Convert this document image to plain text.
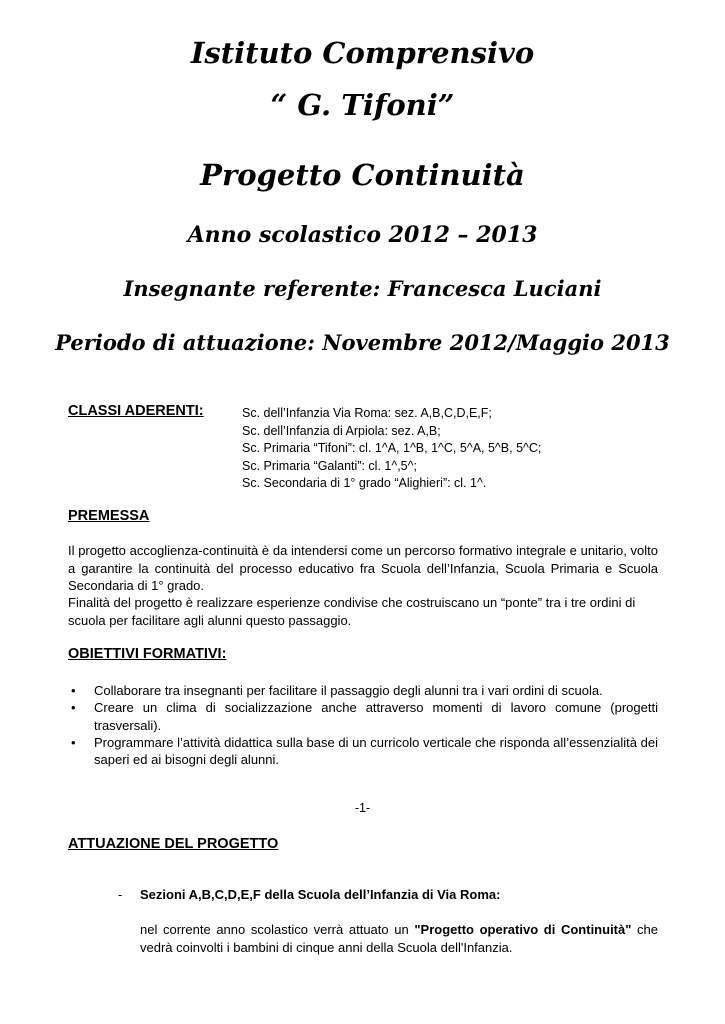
Istituto Comprensivo
“ G. Tifoni”
Progetto Continuità
Anno scolastico 2012 – 2013
Insegnante referente: Francesca Luciani
Periodo di attuazione: Novembre 2012/Maggio 2013
CLASSI ADERENTI:	Sc. dell’Infanzia Via Roma: sez. A,B,C,D,E,F;
Sc. dell’Infanzia di Arpiola: sez. A,B;
Sc. Primaria “Tifoni”: cl. 1^A, 1^B, 1^C, 5^A, 5^B, 5^C;
Sc. Primaria “Galanti”: cl. 1^,5^;
Sc. Secondaria di 1° grado “Alighieri”: cl. 1^.
PREMESSA

Il progetto accoglienza-continuità è da intendersi come un percorso formativo integrale e unitario, volto a garantire la continuità del processo educativo fra Scuola dell’Infanzia, Scuola Primaria e Scuola Secondaria di 1° grado.

Finalità del progetto è realizzare esperienze condivise che costruiscano un “ponte” tra i tre ordini di scuola per facilitare agli alunni questo passaggio.

OBIETTIVI FORMATIVI:
• Collaborare tra insegnanti per facilitare il passaggio degli alunni tra i vari ordini di scuola.
• Creare un clima di socializzazione anche attraverso momenti di lavoro comune (progetti trasversali).
• Programmare l’attività didattica sulla base di un curricolo verticale che risponda all’essenzialità dei saperi ed ai bisogni degli alunni.
-1-
ATTUAZIONE DEL PROGETTO
- Sezioni A,B,C,D,E,F della Scuola dell’Infanzia di Via Roma:

nel corrente anno scolastico verrà attuato un "Progetto operativo di Continuità" che vedrà coinvolti i bambini di cinque anni della Scuola dell'Infanzia.
